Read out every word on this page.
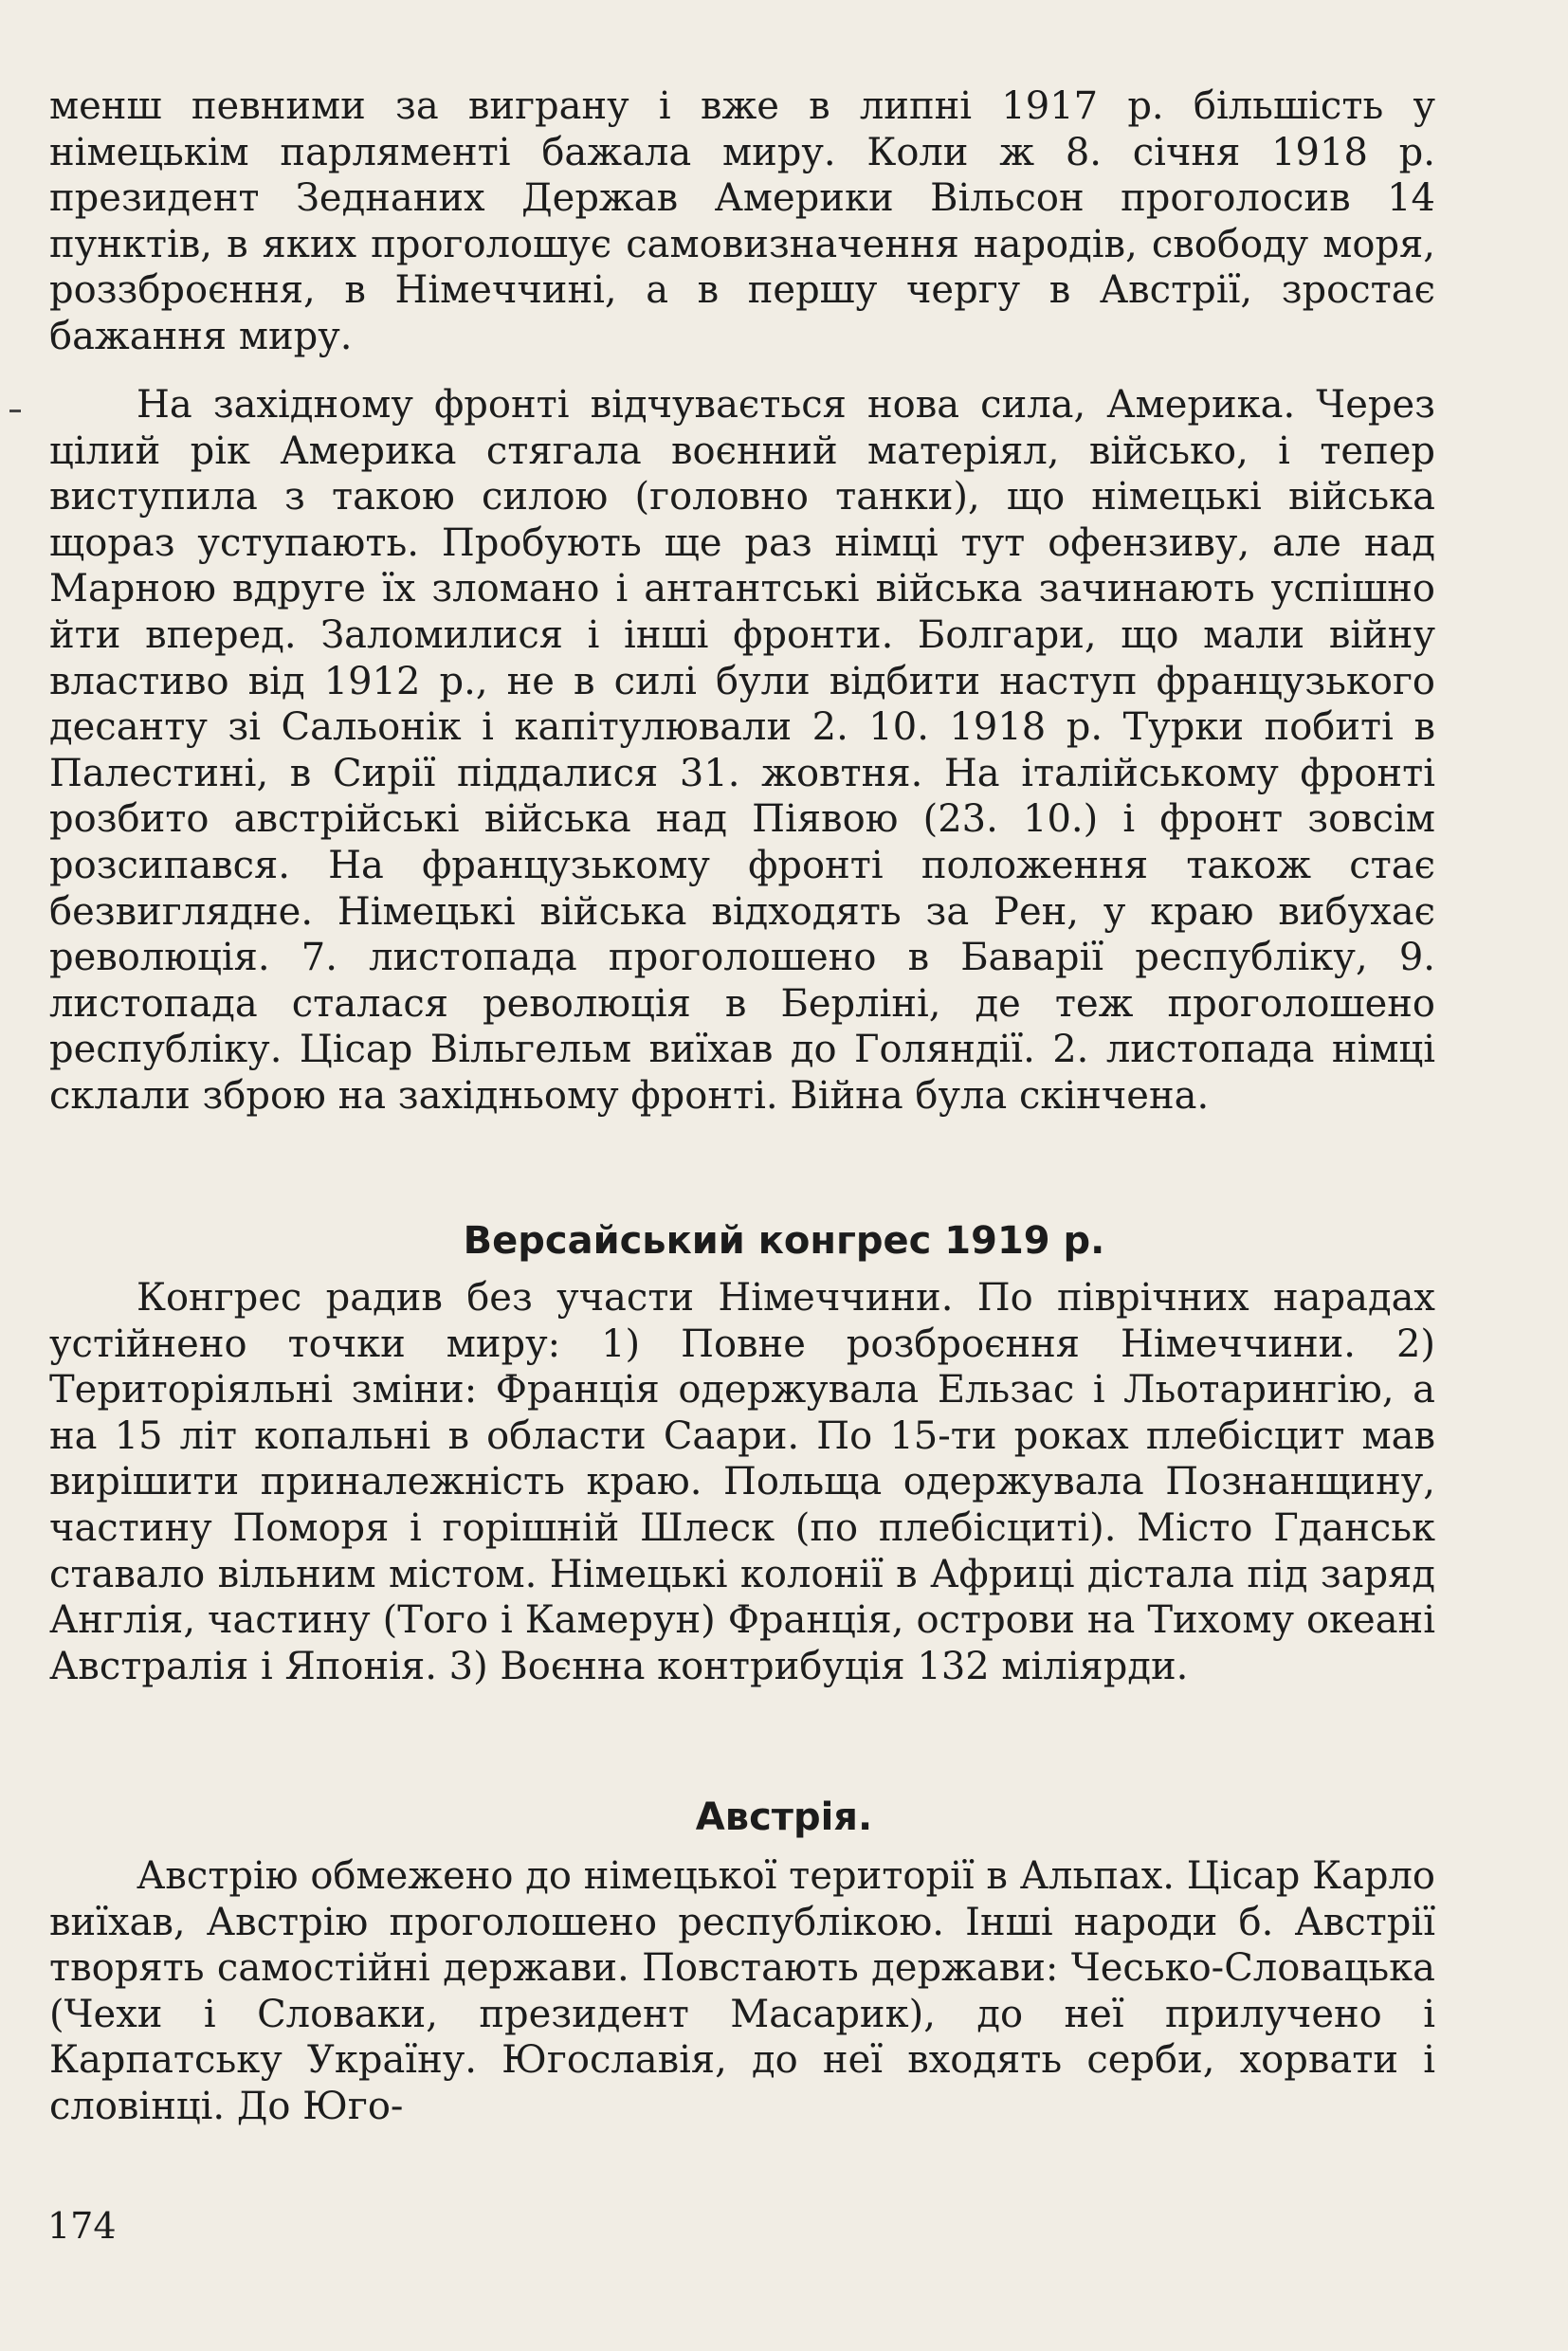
менш певними за виграну і вже в липні 1917 р. більшість у німецькім парляменті бажала миру. Коли ж 8. січня 1918 р. президент Зеднаних Держав Америки Вільсон проголосив 14 пунктів, в яких проголошує самовизначення народів, свободу моря, роззброєння, в Німеччині, а в першу чергу в Австрії, зростає бажання миру.

На західному фронті відчувається нова сила, Америка. Через цілий рік Америка стягала воєнний матеріял, військо, і тепер виступила з такою силою (головно танки), що німецькі війська щораз уступають. Пробують ще раз німці тут офензиву, але над Марною вдруге їх зломано і антантські війська зачинають успішно йти вперед. Заломилися і інші фронти. Болгари, що мали війну властиво від 1912 р., не в силі були відбити наступ французького десанту зі Сальонік і капітулювали 2. 10. 1918 р. Турки побиті в Палестині, в Сирії піддалися 31. жовтня. На італійському фронті розбито австрійські війська над Піявою (23. 10.) і фронт зовсім розсипався. На французькому фронті положення також стає безвиглядне. Німецькі війська відходять за Рен, у краю вибухає революція. 7. листопада проголошено в Баварії республіку, 9. листопада сталася революція в Берліні, де теж проголошено республіку. Цісар Вільгельм виїхав до Голяндії. 2. листопада німці склали зброю на західньому фронті. Війна була скінчена.

Версайський конгрес 1919 р.

Конгрес радив без участи Німеччини. По піврічних нарадах устійнено точки миру: 1) Повне розброєння Німеччини. 2) Територіяльні зміни: Франція одержувала Ельзас і Льотарингію, а на 15 літ копальні в области Саари. По 15-ти роках плебісцит мав вирішити приналежність краю. Польща одержувала Познанщину, частину Поморя і горішній Шлеск (по плебісциті). Місто Гданськ ставало вільним містом. Німецькі колонії в Африці дістала під заряд Англія, частину (Того і Камерун) Франція, острови на Тихому океані Австралія і Японія. 3) Воєнна контрибуція 132 міліярди.

Австрія.

Австрію обмежено до німецької території в Альпах. Цісар Карло виїхав, Австрію проголошено республікою. Інші народи б. Австрії творять самостійні держави. Повстають держави: Чесько-Словацька (Чехи і Словаки, президент Масарик), до неї прилучено і Карпатську Україну. Югославія, до неї входять серби, хорвати і словінці. До Юго-

174
